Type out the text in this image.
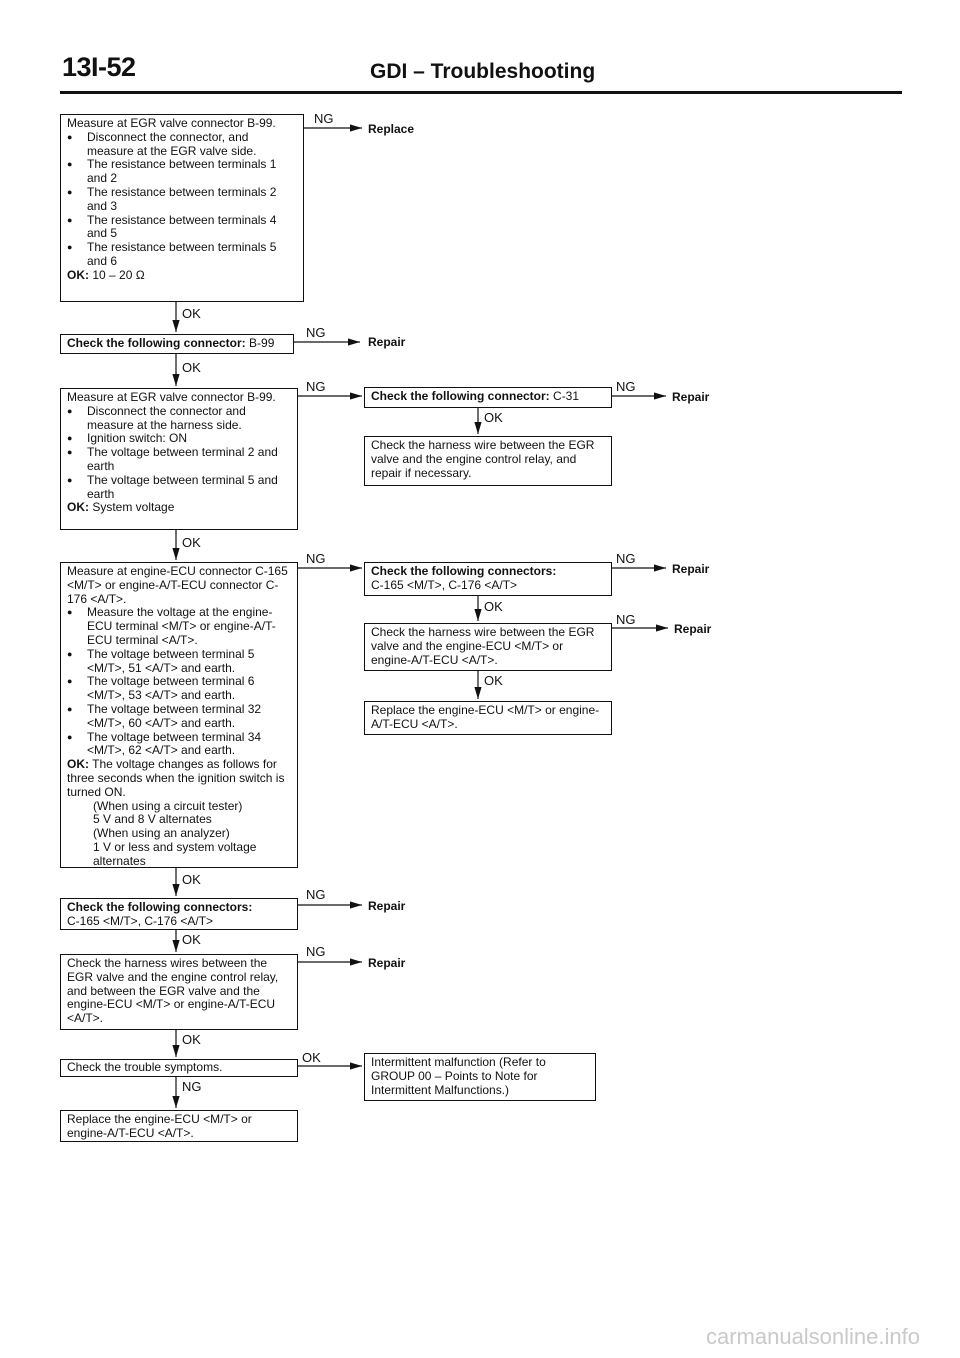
13I-52	GDI – Troubleshooting
Measure at EGR valve connector B-99.
● Disconnect the connector, and measure at the EGR valve side.
● The resistance between terminals 1 and 2
● The resistance between terminals 2 and 3
● The resistance between terminals 4 and 5
● The resistance between terminals 5 and 6
OK: 10 – 20 Ω
Check the following connector: B-99
Measure at EGR valve connector B-99.
● Disconnect the connector and measure at the harness side.
● Ignition switch: ON
● The voltage between terminal 2 and earth
● The voltage between terminal 5 and earth
OK: System voltage
Measure at engine-ECU connector C-165 <M/T> or engine-A/T-ECU connector C-176 <A/T>.
● Measure the voltage at the engine-ECU terminal <M/T> or engine-A/T-ECU terminal <A/T>.
● The voltage between terminal 5 <M/T>, 51 <A/T> and earth.
● The voltage between terminal 6 <M/T>, 53 <A/T> and earth.
● The voltage between terminal 32 <M/T>, 60 <A/T> and earth.
● The voltage between terminal 34 <M/T>, 62 <A/T> and earth.
OK: The voltage changes as follows for three seconds when the ignition switch is turned ON.
(When using a circuit tester)
5 V and 8 V alternates
(When using an analyzer)
1 V or less and system voltage alternates
Check the following connectors:
C-165 <M/T>, C-176 <A/T>
Check the harness wires between the EGR valve and the engine control relay, and between the EGR valve and the engine-ECU <M/T> or engine-A/T-ECU <A/T>.
Check the trouble symptoms.
Replace the engine-ECU <M/T> or engine-A/T-ECU <A/T>.
Check the following connector: C-31
Check the harness wire between the EGR valve and the engine control relay, and repair if necessary.
Check the following connectors:
C-165 <M/T>, C-176 <A/T>
Check the harness wire between the EGR valve and the engine-ECU <M/T> or engine-A/T-ECU <A/T>.
Replace the engine-ECU <M/T> or engine-A/T-ECU <A/T>.
Intermittent malfunction (Refer to GROUP 00 – Points to Note for Intermittent Malfunctions.)
OK
OK
OK
OK
OK
OK
NG
OK
OK
OK
NG
NG
NG	NG
NG	NG
NG
NG
NG
OK
Replace
Repair
Repair
Repair
Repair
Repair
Repair
carmanualsonline.info
